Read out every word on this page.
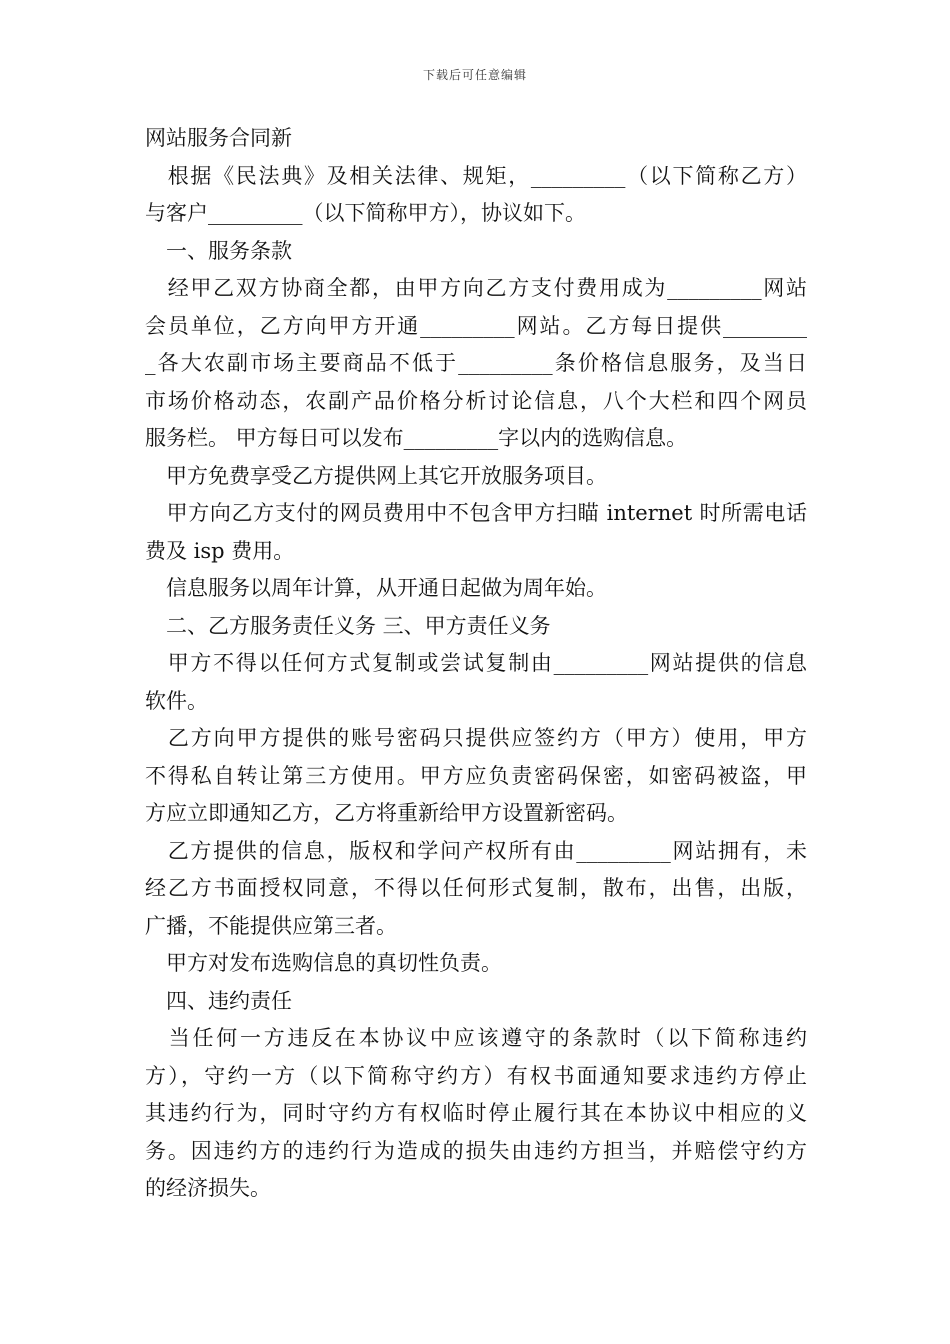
下载后可任意编辑
网站服务合同新
　根据《民法典》及相关法律、规矩，_________（以下简称乙方）
与客户_________（以下简称甲方），协议如下。
　一、服务条款
　经甲乙双方协商全都，由甲方向乙方支付费用成为_________网站
会员单位，乙方向甲方开通_________网站。乙方每日提供________
_各大农副市场主要商品不低于_________条价格信息服务，及当日
市场价格动态，农副产品价格分析讨论信息，八个大栏和四个网员
服务栏。 甲方每日可以发布_________字以内的选购信息。
　甲方免费享受乙方提供网上其它开放服务项目。
　甲方向乙方支付的网员费用中不包含甲方扫瞄 internet 时所需电话
费及 isp 费用。
　信息服务以周年计算，从开通日起做为周年始。
　二、乙方服务责任义务 三、甲方责任义务
　甲方不得以任何方式复制或尝试复制由_________网站提供的信息
软件。
　乙方向甲方提供的账号密码只提供应签约方（甲方）使用，甲方
不得私自转让第三方使用。甲方应负责密码保密，如密码被盗，甲
方应立即通知乙方，乙方将重新给甲方设置新密码。
　乙方提供的信息，版权和学问产权所有由_________网站拥有，未
经乙方书面授权同意，不得以任何形式复制，散布，出售，出版，
广播，不能提供应第三者。
　甲方对发布选购信息的真切性负责。
　四、违约责任
　当任何一方违反在本协议中应该遵守的条款时（以下简称违约
方），守约一方（以下简称守约方）有权书面通知要求违约方停止
其违约行为，同时守约方有权临时停止履行其在本协议中相应的义
务。因违约方的违约行为造成的损失由违约方担当，并赔偿守约方
的经济损失。
